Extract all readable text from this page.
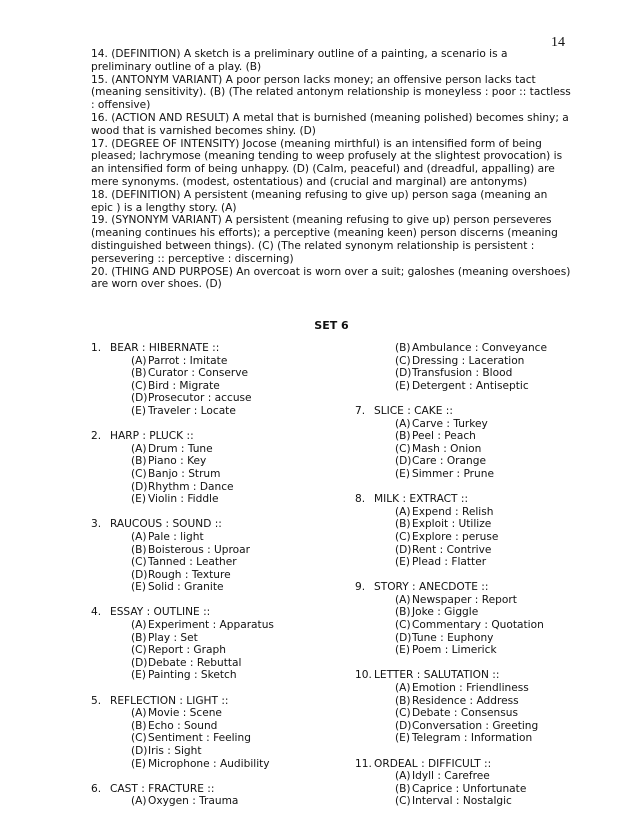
14

14. (DEFINITION) A sketch is a preliminary outline of a painting, a scenario is a preliminary outline of a play. (B)

15. (ANTONYM VARIANT) A poor person lacks money; an offensive person lacks tact (meaning sensitivity). (B) (The related antonym relationship is moneyless : poor :: tactless : offensive)

16. (ACTION AND RESULT) A metal that is burnished (meaning polished) becomes shiny; a wood that is varnished becomes shiny. (D)

17. (DEGREE OF INTENSITY) Jocose (meaning mirthful) is an intensified form of being pleased; lachrymose (meaning tending to weep profusely at the slightest provocation) is an intensified form of being unhappy. (D) (Calm, peaceful) and (dreadful, appalling) are mere synonyms. (modest, ostentatious) and (crucial and marginal) are antonyms)

18. (DEFINITION) A persistent (meaning refusing to give up) person saga (meaning an epic ) is a lengthy story. (A)

19. (SYNONYM VARIANT) A persistent (meaning refusing to give up) person perseveres (meaning continues his efforts); a perceptive (meaning keen) person discerns (meaning distinguished between things). (C) (The related synonym relationship is persistent : persevering :: perceptive : discerning)

20. (THING AND PURPOSE) An overcoat is worn over a suit; galoshes (meaning overshoes) are worn over shoes. (D)

SET 6
1. BEAR : HIBERNATE ::
(A)Parrot : Imitate
(B)Curator : Conserve
(C)Bird : Migrate
(D)Prosecutor : accuse
(E) Traveler : Locate
2. HARP : PLUCK ::
(A)Drum : Tune
(B)Piano : Key
(C)Banjo : Strum
(D)Rhythm : Dance
(E) Violin : Fiddle
3. RAUCOUS : SOUND ::
(A)Pale : light
(B)Boisterous : Uproar
(C)Tanned : Leather
(D)Rough : Texture
(E) Solid : Granite
4. ESSAY : OUTLINE ::
(A)Experiment : Apparatus
(B)Play : Set
(C)Report : Graph
(D)Debate : Rebuttal
(E) Painting : Sketch
5. REFLECTION : LIGHT ::
(A)Movie : Scene
(B)Echo : Sound
(C)Sentiment : Feeling
(D)Iris : Sight
(E) Microphone : Audibility
6. CAST : FRACTURE ::
(A)Oxygen : Trauma
(B)Ambulance : Conveyance
(C)Dressing : Laceration
(D)Transfusion : Blood
(E) Detergent : Antiseptic
7. SLICE : CAKE ::
(A)Carve : Turkey
(B)Peel : Peach
(C)Mash : Onion
(D)Care : Orange
(E) Simmer : Prune
8. MILK : EXTRACT ::
(A)Expend : Relish
(B)Exploit : Utilize
(C)Explore : peruse
(D)Rent : Contrive
(E) Plead : Flatter
9. STORY : ANECDOTE ::
(A)Newspaper : Report
(B)Joke : Giggle
(C)Commentary : Quotation
(D)Tune : Euphony
(E) Poem : Limerick
10. LETTER : SALUTATION ::
(A)Emotion : Friendliness
(B)Residence : Address
(C)Debate : Consensus
(D)Conversation : Greeting
(E) Telegram : Information
11. ORDEAL : DIFFICULT ::
(A)Idyll : Carefree
(B)Caprice : Unfortunate
(C)Interval : Nostalgic
